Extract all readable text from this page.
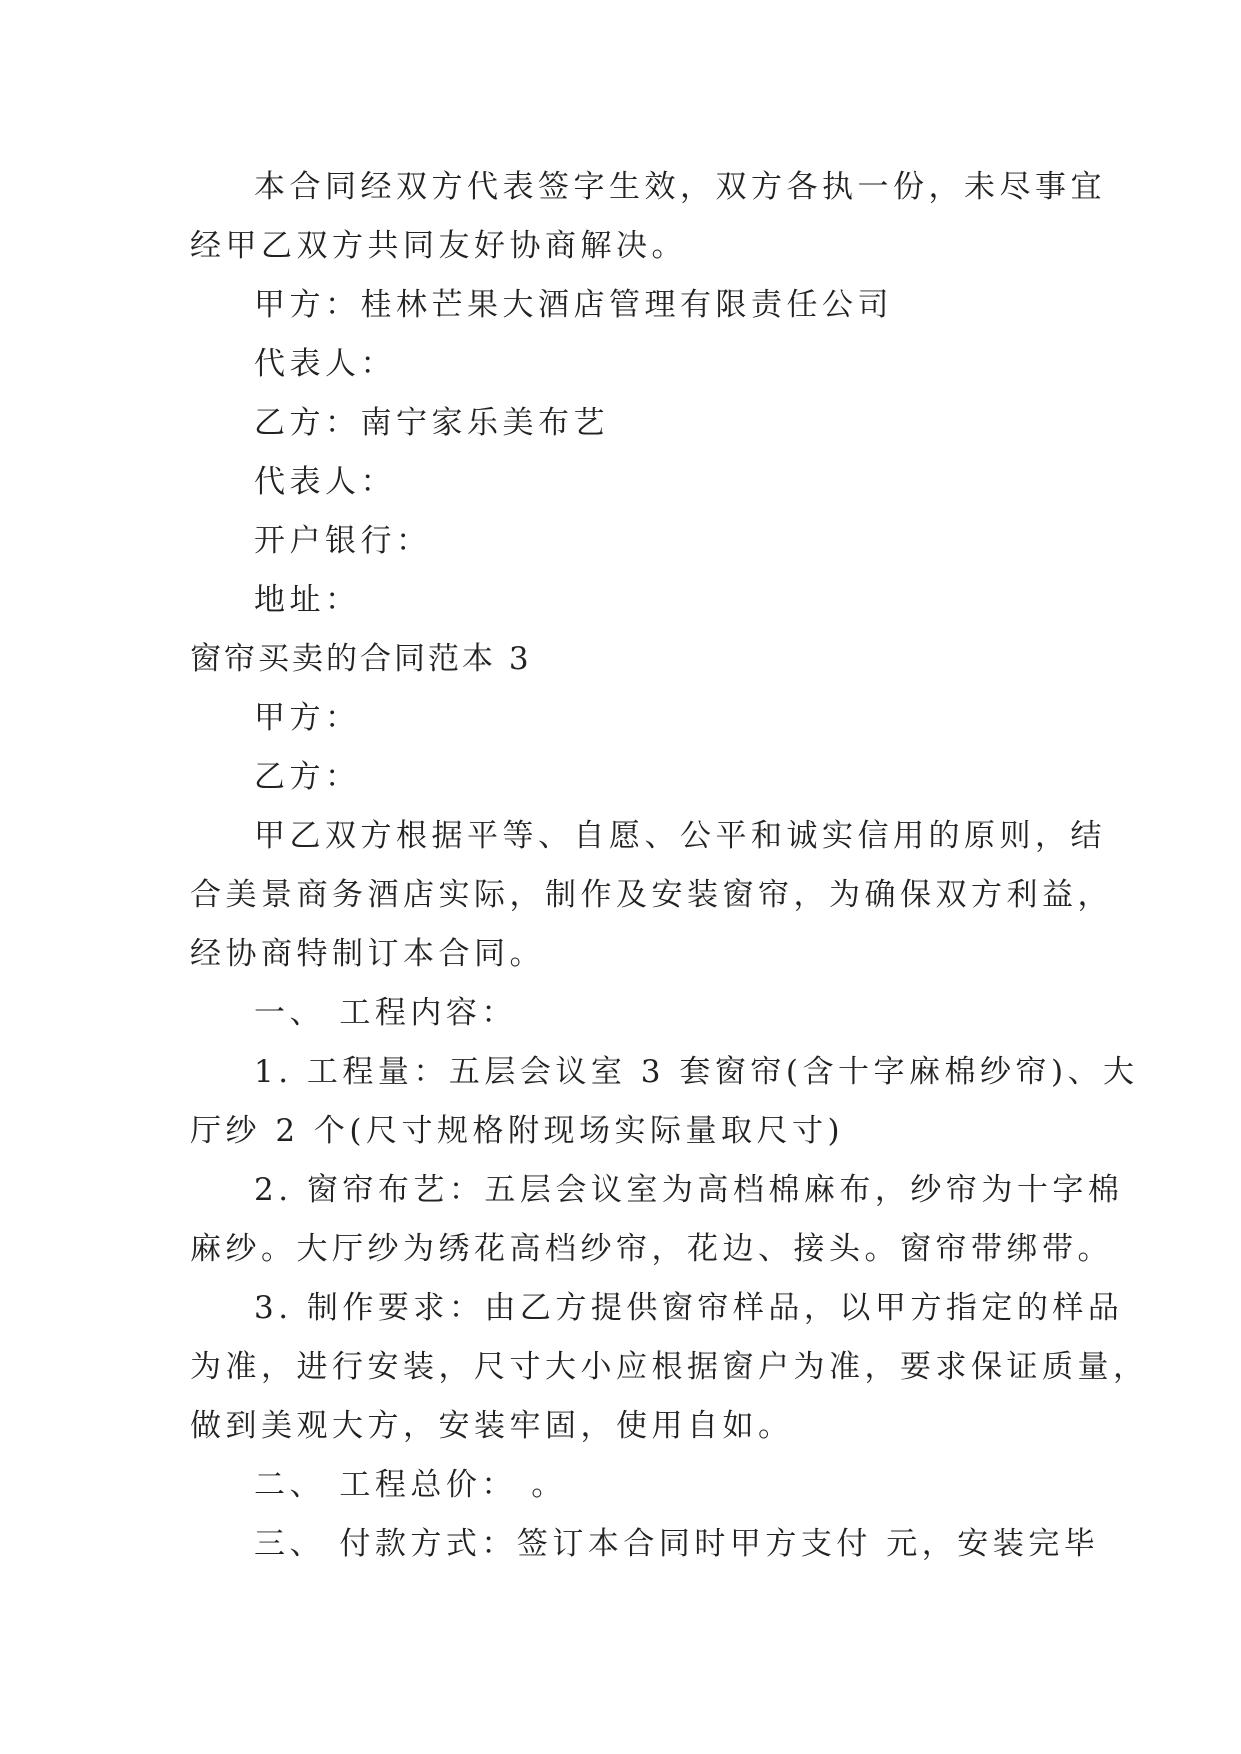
本合同经双方代表签字生效，双方各执一份，未尽事宜
经甲乙双方共同友好协商解决。
甲方：桂林芒果大酒店管理有限责任公司
代表人：
乙方：南宁家乐美布艺
代表人：
开户银行：
地址：
窗帘买卖的合同范本 3
甲方：
乙方：
甲乙双方根据平等、自愿、公平和诚实信用的原则，结
合美景商务酒店实际，制作及安装窗帘，为确保双方利益，
经协商特制订本合同。
一、 工程内容：
1. 工程量：五层会议室 3 套窗帘(含十字麻棉纱帘)、大
厅纱 2 个(尺寸规格附现场实际量取尺寸)
2. 窗帘布艺：五层会议室为高档棉麻布，纱帘为十字棉
麻纱。大厅纱为绣花高档纱帘，花边、接头。窗帘带绑带。
3. 制作要求：由乙方提供窗帘样品，以甲方指定的样品
为准，进行安装，尺寸大小应根据窗户为准，要求保证质量，
做到美观大方，安装牢固，使用自如。
二、 工程总价： 。
三、 付款方式：签订本合同时甲方支付 元，安装完毕
